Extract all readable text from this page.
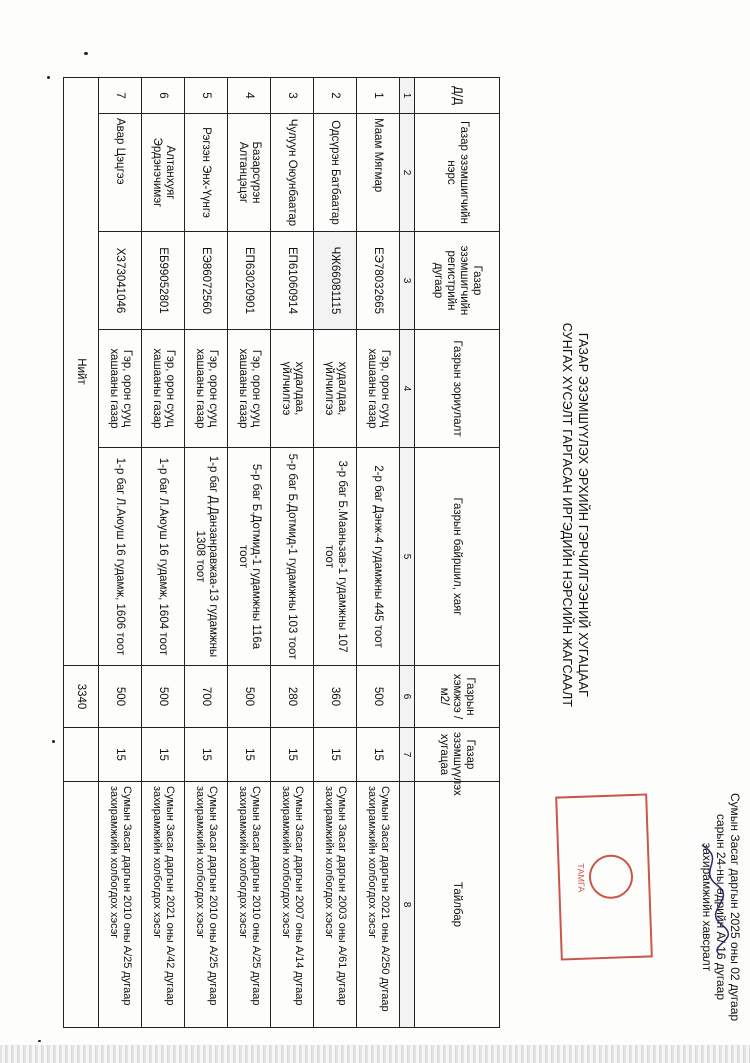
Сумын Засаг даргын 2025 оны 02 дугаар
сарын 24-ны өдрийн А/ 16 дугаар
захирамжийн хавсралт
ТАМГА
ГАЗАР ЭЗЭМШҮҮЛЭХ ЭРХИЙН ГЭРЧИЛГЭЭНИЙ ХУГАЦААГ
СУНГАХ ХҮСЭЛТ ГАРГАСАН ИРГЭДИЙН НЭРСИЙН ЖАГСААЛТ
Д/Д	Газар эзэмшигчийн нэрс	Газар эзэмшигчийн регистрийн дугаар	Газрын зориулалт	Газрын байршил, хаяг	Газрын хэмжээ / м2/	Газар эзэмшүүлэх хугацаа	Тайлбар
1	2	3	4	5	6	7	8
1	Маам Мягмар	ЕЭ78032665	Гэр, орон сууц хашааны газар	2-р баг Дэнж-4 гудамжны 445 тоот	500	15	Сумын Засаг даргын 2021 оны А/250 дугаар захирамжийн холбогдох хэсэг
2	Одсүрэн Батбаатар	ЧЖ66081115	худалдаа, үйлчилгээ	3-р баг Б.Мааньзав-1 гудамжны 107 тоот	360	15	Сумын Засаг даргын 2003 оны А/61 дугаар захирамжийн холбогдох хэсэг
3	Чулуун Оюунбаатар	ЕП61060914	худалдаа, үйлчилгээ	5-р баг Б.Дотмид-1 гудамжны 103 тоот	280	15	Сумын Засаг даргын 2007 оны А/14 дугаар захирамжийн холбогдох хэсэг
4	Базарсүрэн Алтанцэцэг	ЕП63020901	Гэр, орон сууц хашааны газар	5-р баг Б.Дотмид-1 гудамжны 116а тоот	500	15	Сумын Засаг даргын 2010 оны А/25 дугаар захирамжийн холбогдох хэсэг
5	Рэгзэн Энх-Үүнгэ	ЕЭ86072560	Гэр, орон сууц хашааны газар	1-р баг Д.Данзанравжаа-13 гудамжны 1308 тоот	700	15	Сумын Засаг даргын 2010 оны А/25 дугаар захирамжийн холбогдох хэсэг
6	Алтанхуяг Эрдэнэчимэг	ЕБ99052801	Гэр, орон сууц хашааны газар	1-р баг Л.Аюуш 16 гудамж, 1604 тоот	500	15	Сумын Засаг даргын 2021 оны А/42 дугаар захирамжийн холбогдох хэсэг
7	Авар Цэцгээ	ХЗ73041046	Гэр, орон сууц хашааны газар	1-р баг Л.Аюуш 16 гудамж, 1606 тоот	500	15	Сумын Засаг даргын 2010 оны А/25 дугаар захирамжийн холбогдох хэсэг
Нийт					3340		
